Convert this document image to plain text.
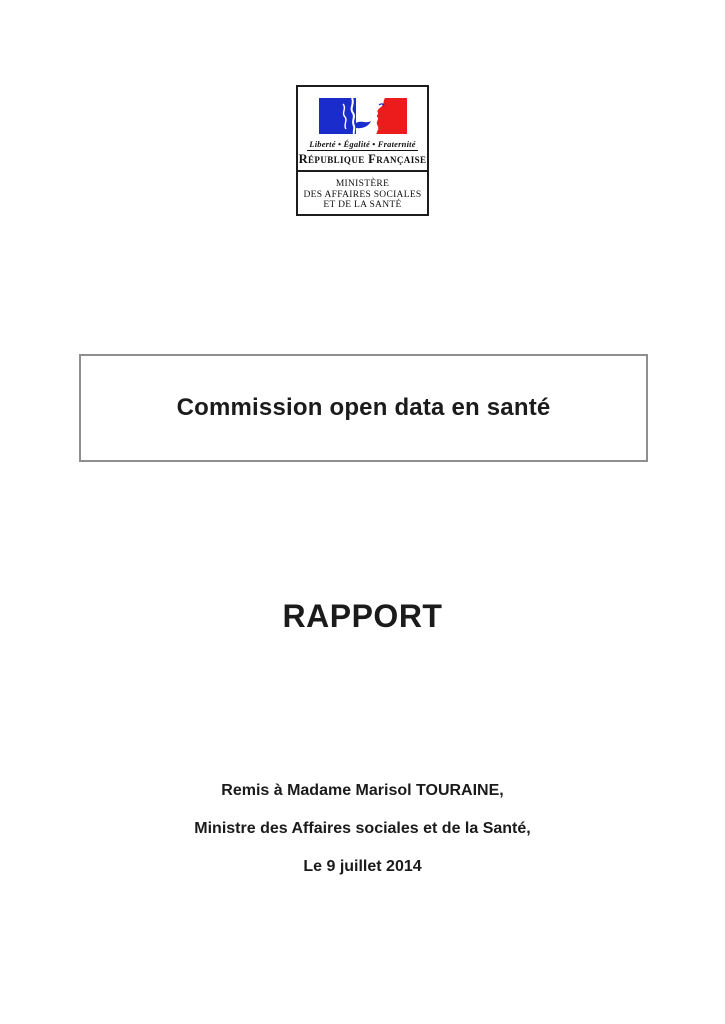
Liberté • Égalité • Fraternité
République Française
MINISTÈRE
DES AFFAIRES SOCIALES
ET DE LA SANTÉ
Commission open data en santé
RAPPORT

Remis à Madame Marisol TOURAINE,

Ministre des Affaires sociales et de la Santé,

Le 9 juillet 2014
